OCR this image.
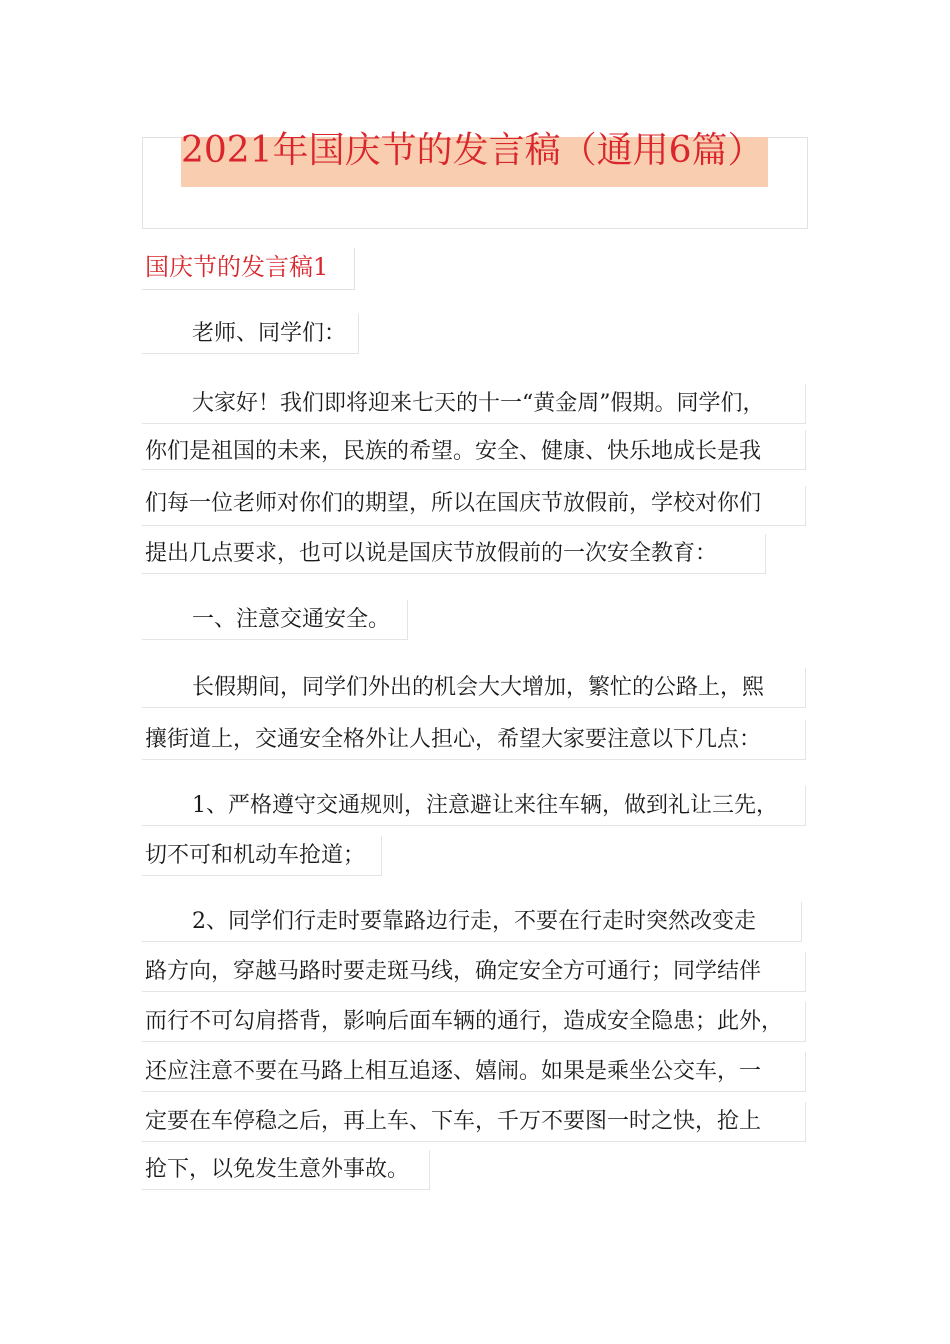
2021年国庆节的发言稿（通用6篇）
国庆节的发言稿1
老师、同学们：
大家好！我们即将迎来七天的十一“黄金周”假期。同学们，
你们是祖国的未来，民族的希望。安全、健康、快乐地成长是我
们每一位老师对你们的期望，所以在国庆节放假前，学校对你们
提出几点要求，也可以说是国庆节放假前的一次安全教育：
一、注意交通安全。
长假期间，同学们外出的机会大大增加，繁忙的公路上，熙
攘街道上，交通安全格外让人担心，希望大家要注意以下几点：
1、严格遵守交通规则，注意避让来往车辆，做到礼让三先，
切不可和机动车抢道；
2、同学们行走时要靠路边行走，不要在行走时突然改变走
路方向，穿越马路时要走斑马线，确定安全方可通行；同学结伴
而行不可勾肩搭背，影响后面车辆的通行，造成安全隐患；此外，
还应注意不要在马路上相互追逐、嬉闹。如果是乘坐公交车，一
定要在车停稳之后，再上车、下车，千万不要图一时之快，抢上
抢下，以免发生意外事故。
